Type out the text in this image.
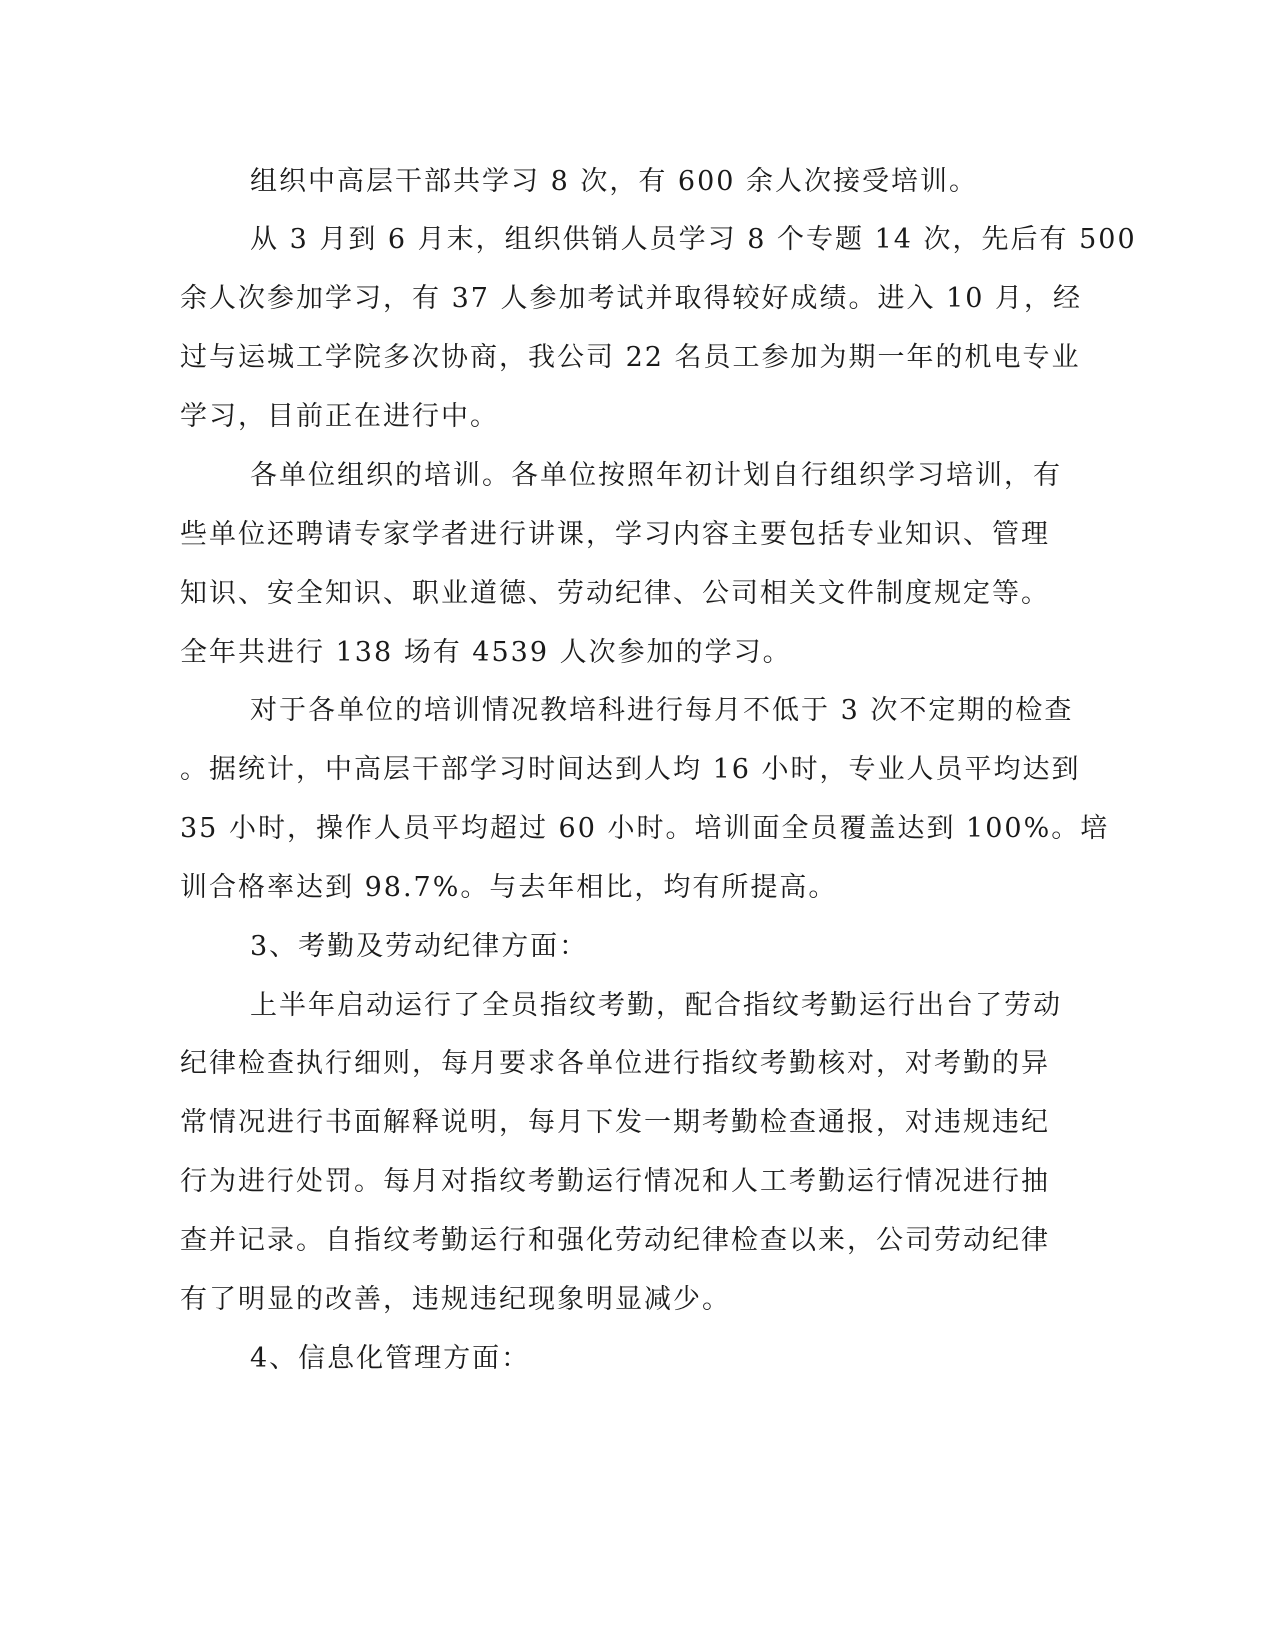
组织中高层干部共学习 8 次，有 600 余人次接受培训。

从 3 月到 6 月末，组织供销人员学习 8 个专题 14 次，先后有 500

余人次参加学习，有 37 人参加考试并取得较好成绩。进入 10 月，经

过与运城工学院多次协商，我公司 22 名员工参加为期一年的机电专业

学习，目前正在进行中。

各单位组织的培训。各单位按照年初计划自行组织学习培训，有

些单位还聘请专家学者进行讲课，学习内容主要包括专业知识、管理

知识、安全知识、职业道德、劳动纪律、公司相关文件制度规定等。

全年共进行 138 场有 4539 人次参加的学习。

对于各单位的培训情况教培科进行每月不低于 3 次不定期的检查

。据统计，中高层干部学习时间达到人均 16 小时，专业人员平均达到

35 小时，操作人员平均超过 60 小时。培训面全员覆盖达到 100%。培

训合格率达到 98.7%。与去年相比，均有所提高。

3、考勤及劳动纪律方面：

上半年启动运行了全员指纹考勤，配合指纹考勤运行出台了劳动

纪律检查执行细则，每月要求各单位进行指纹考勤核对，对考勤的异

常情况进行书面解释说明，每月下发一期考勤检查通报，对违规违纪

行为进行处罚。每月对指纹考勤运行情况和人工考勤运行情况进行抽

查并记录。自指纹考勤运行和强化劳动纪律检查以来，公司劳动纪律

有了明显的改善，违规违纪现象明显减少。

4、信息化管理方面：
